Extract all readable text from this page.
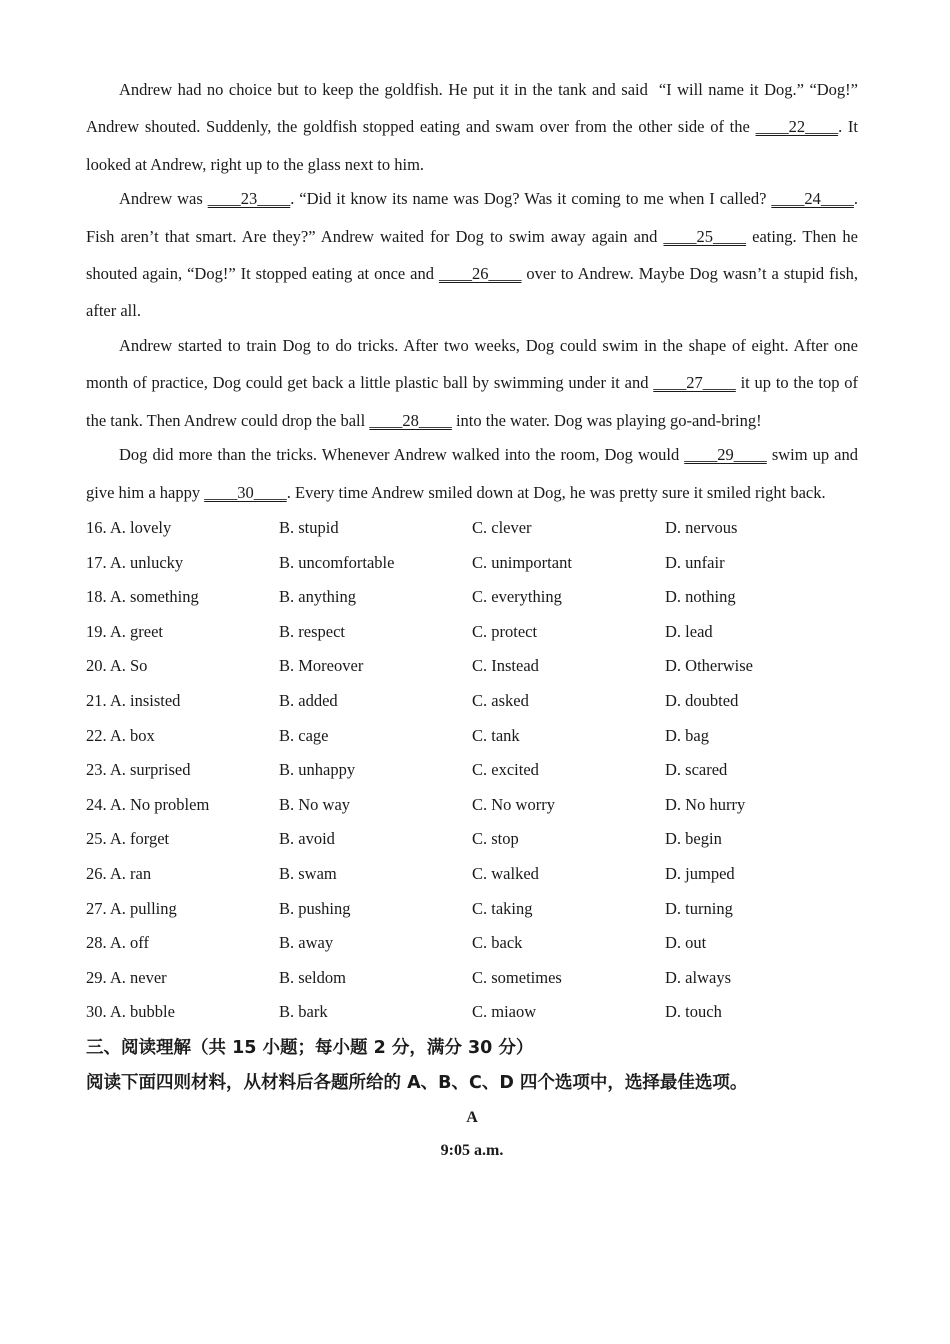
Andrew had no choice but to keep the goldfish. He put it in the tank and said  “I will name it Dog.” “Dog!” Andrew shouted. Suddenly, the goldfish stopped eating and swam over from the other side of the ____22____. It looked at Andrew, right up to the glass next to him.

Andrew was ____23____. “Did it know its name was Dog? Was it coming to me when I called? ____24____. Fish aren’t that smart. Are they?” Andrew waited for Dog to swim away again and ____25____ eating. Then he shouted again, “Dog!” It stopped eating at once and ____26____ over to Andrew. Maybe Dog wasn’t a stupid fish, after all.

Andrew started to train Dog to do tricks. After two weeks, Dog could swim in the shape of eight. After one month of practice, Dog could get back a little plastic ball by swimming under it and ____27____ it up to the top of the tank. Then Andrew could drop the ball ____28____ into the water. Dog was playing go-and-bring!

Dog did more than the tricks. Whenever Andrew walked into the room, Dog would ____29____ swim up and give him a happy ____30____. Every time Andrew smiled down at Dog, he was pretty sure it smiled right back.

16. A. lovely	B. stupid	C. clever	D. nervous
17. A. unlucky	B. uncomfortable	C. unimportant	D. unfair
18. A. something	B. anything	C. everything	D. nothing
19. A. greet	B. respect	C. protect	D. lead
20. A. So	B. Moreover	C. Instead	D. Otherwise
21. A. insisted	B. added	C. asked	D. doubted
22. A. box	B. cage	C. tank	D. bag
23. A. surprised	B. unhappy	C. excited	D. scared
24. A. No problem	B. No way	C. No worry	D. No hurry
25. A. forget	B. avoid	C. stop	D. begin
26. A. ran	B. swam	C. walked	D. jumped
27. A. pulling	B. pushing	C. taking	D. turning
28. A. off	B. away	C. back	D. out
29. A. never	B. seldom	C. sometimes	D. always
30. A. bubble	B. bark	C. miaow	D. touch
三、阅读理解（共 15 小题；每小题 2 分，满分 30 分）
阅读下面四则材料，从材料后各题所给的 A、B、C、D 四个选项中，选择最佳选项。
A
9:05 a.m.
